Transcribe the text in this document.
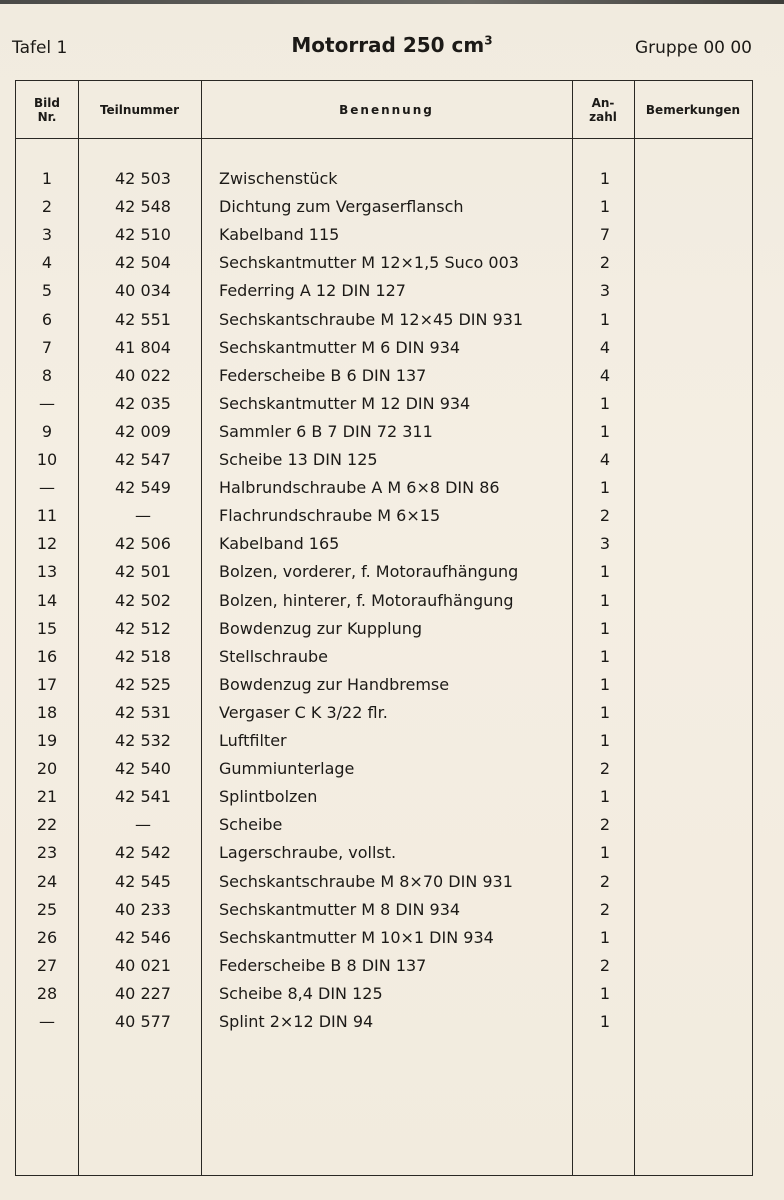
Tafel 1	Motorrad 250 $cm^3$	Gruppe 00 00
Bild
Nr.	Teilnummer	Benennung	An-
zahl	Bemerkungen
1	42 503	Zwischenstück	1
2	42 548	Dichtung zum Vergaserflansch	1
3	42 510	Kabelband 115	7
4	42 504	Sechskantmutter M 12×1,5 Suco 003	2
5	40 034	Federring A 12 DIN 127	3
6	42 551	Sechskantschraube M 12×45 DIN 931	1
7	41 804	Sechskantmutter M 6 DIN 934	4
8	40 022	Federscheibe B 6 DIN 137	4
—	42 035	Sechskantmutter M 12 DIN 934	1
9	42 009	Sammler 6 B 7 DIN 72 311	1
10	42 547	Scheibe 13 DIN 125	4
—	42 549	Halbrundschraube A M 6×8 DIN 86	1
11	—	Flachrundschraube M 6×15	2
12	42 506	Kabelband 165	3
13	42 501	Bolzen, vorderer, f. Motoraufhängung	1
14	42 502	Bolzen, hinterer, f. Motoraufhängung	1
15	42 512	Bowdenzug zur Kupplung	1
16	42 518	Stellschraube	1
17	42 525	Bowdenzug zur Handbremse	1
18	42 531	Vergaser C K 3/22 flr.	1
19	42 532	Luftfilter	1
20	42 540	Gummiunterlage	2
21	42 541	Splintbolzen	1
22	—	Scheibe	2
23	42 542	Lagerschraube, vollst.	1
24	42 545	Sechskantschraube M 8×70 DIN 931	2
25	40 233	Sechskantmutter M 8 DIN 934	2
26	42 546	Sechskantmutter M 10×1 DIN 934	1
27	40 021	Federscheibe B 8 DIN 137	2
28	40 227	Scheibe 8,4 DIN 125	1
—	40 577	Splint 2×12 DIN 94	1
